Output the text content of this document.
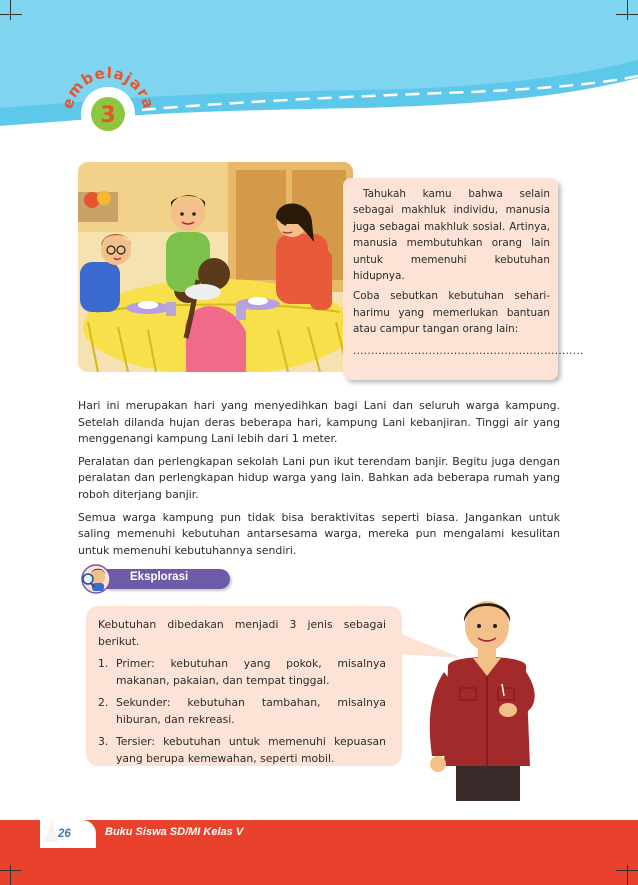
embelajara
3

Tahukah kamu bahwa selain sebagai makhluk individu, manusia juga sebagai makhluk sosial. Artinya, manusia membutuhkan orang lain untuk memenuhi kebutuhan hidupnya.

Coba sebutkan kebutuhan sehari-harimu yang memerlukan bantuan atau campur tangan orang lain:

................................................................

Hari ini merupakan hari yang menyedihkan bagi Lani dan seluruh warga kampung. Setelah dilanda hujan deras beberapa hari, kampung Lani kebanjiran. Tinggi air yang menggenangi kampung Lani lebih dari 1 meter.

Peralatan dan perlengkapan sekolah Lani pun ikut terendam banjir. Begitu juga dengan peralatan dan perlengkapan hidup warga yang lain. Bahkan ada beberapa rumah yang roboh diterjang banjir.

Semua warga kampung pun tidak bisa beraktivitas seperti biasa. Jangankan untuk saling memenuhi kebutuhan antarsesama warga, mereka pun mengalami kesulitan untuk memenuhi kebutuhannya sendiri.

Eksplorasi

Kebutuhan dibedakan menjadi 3 jenis sebagai berikut.

1. Primer: kebutuhan yang pokok, misalnya makanan, pakaian, dan tempat tinggal.
2. Sekunder: kebutuhan tambahan, misalnya hiburan, dan rekreasi.
3. Tersier: kebutuhan untuk memenuhi kepuasan yang berupa kemewahan, seperti mobil.
26	Buku Siswa SD/MI Kelas V
